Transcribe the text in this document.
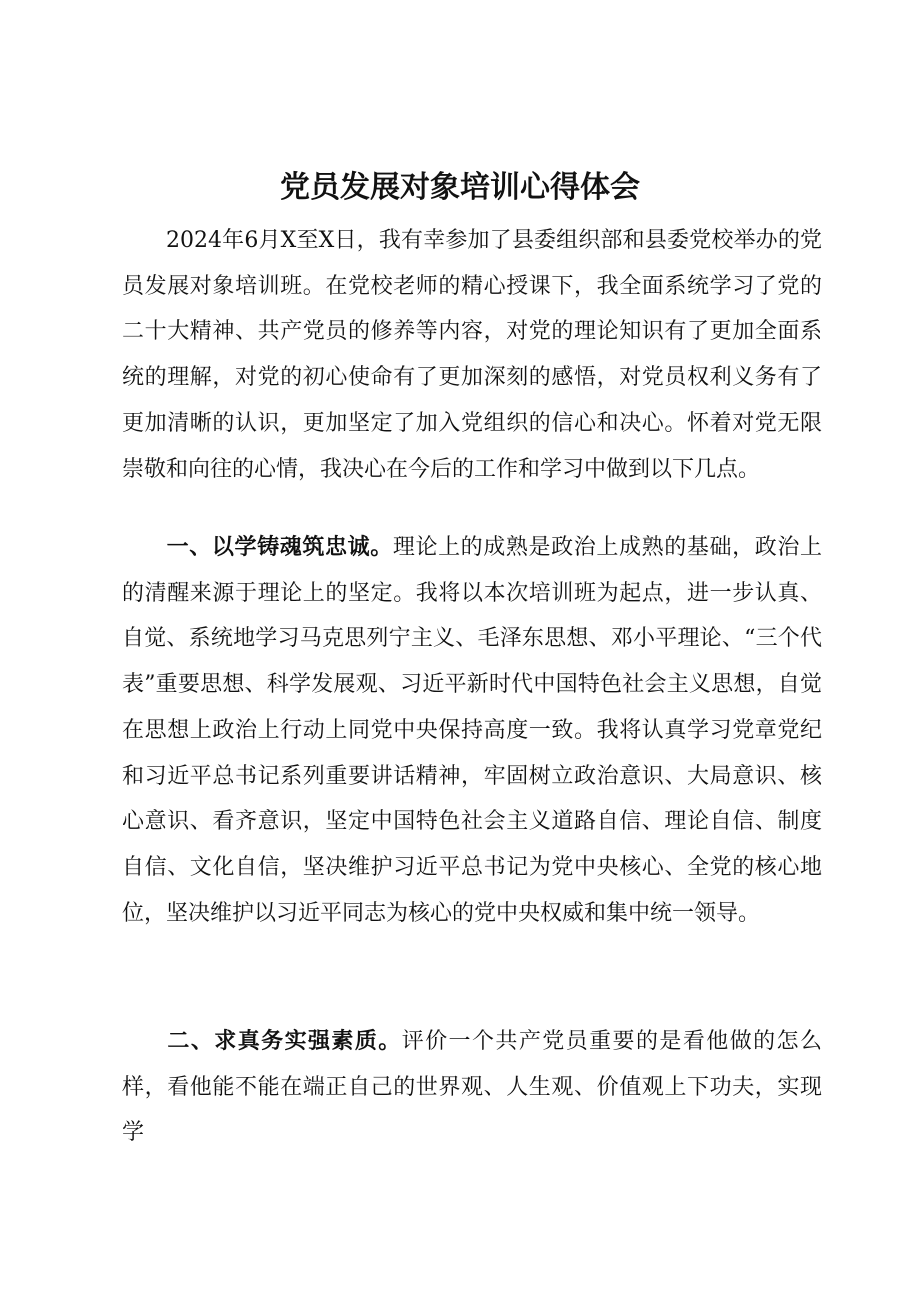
党员发展对象培训心得体会

2024年6月X至X日，我有幸参加了县委组织部和县委党校举办的党员发展对象培训班。在党校老师的精心授课下，我全面系统学习了党的二十大精神、共产党员的修养等内容，对党的理论知识有了更加全面系统的理解，对党的初心使命有了更加深刻的感悟，对党员权利义务有了更加清晰的认识，更加坚定了加入党组织的信心和决心。怀着对党无限崇敬和向往的心情，我决心在今后的工作和学习中做到以下几点。

一、以学铸魂筑忠诚。理论上的成熟是政治上成熟的基础，政治上的清醒来源于理论上的坚定。我将以本次培训班为起点，进一步认真、自觉、系统地学习马克思列宁主义、毛泽东思想、邓小平理论、“三个代表”重要思想、科学发展观、习近平新时代中国特色社会主义思想，自觉在思想上政治上行动上同党中央保持高度一致。我将认真学习党章党纪和习近平总书记系列重要讲话精神，牢固树立政治意识、大局意识、核心意识、看齐意识，坚定中国特色社会主义道路自信、理论自信、制度自信、文化自信，坚决维护习近平总书记为党中央核心、全党的核心地位，坚决维护以习近平同志为核心的党中央权威和集中统一领导。

二、求真务实强素质。评价一个共产党员重要的是看他做的怎么样，看他能不能在端正自己的世界观、人生观、价值观上下功夫，实现学
